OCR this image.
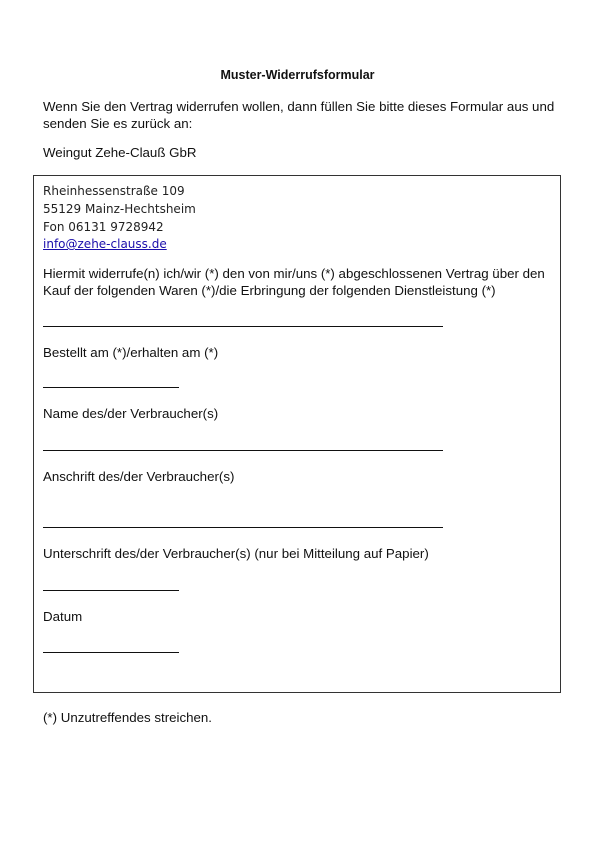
Muster-Widerrufsformular
Wenn Sie den Vertrag widerrufen wollen, dann füllen Sie bitte dieses Formular aus und senden Sie es zurück an:
Weingut Zehe-Clauß GbR
Rheinhessenstraße 109
55129 Mainz-Hechtsheim
Fon 06131 9728942
info@zehe-clauss.de
Hiermit widerrufe(n) ich/wir (*) den von mir/uns (*) abgeschlossenen Vertrag über den Kauf der folgenden Waren (*)/die Erbringung der folgenden Dienstleistung (*)
Bestellt am (*)/erhalten am (*)
Name des/der Verbraucher(s)
Anschrift des/der Verbraucher(s)
Unterschrift des/der Verbraucher(s) (nur bei Mitteilung auf Papier)
Datum
(*) Unzutreffendes streichen.
